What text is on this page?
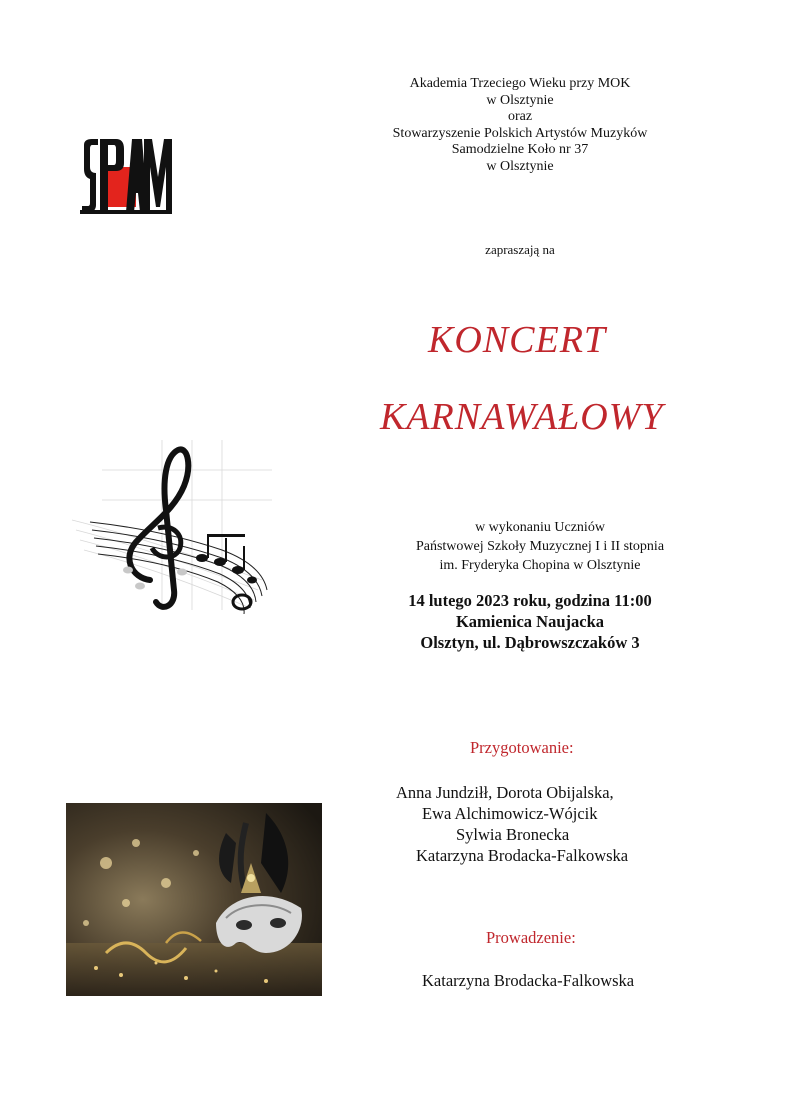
Akademia Trzeciego Wieku przy MOK
w Olsztynie
oraz
Stowarzyszenie Polskich Artystów Muzyków
Samodzielne Koło nr 37
w Olsztynie
zapraszają na
KONCERT
KARNAWAŁOWY
w wykonaniu Uczniów
Państwowej Szkoły Muzycznej I i II stopnia
im. Fryderyka Chopina w Olsztynie
14 lutego 2023 roku, godzina 11:00
Kamienica Naujacka
Olsztyn, ul. Dąbrowszczaków 3
Przygotowanie:
Anna Jundziłł, Dorota Obijalska,
Ewa Alchimowicz-Wójcik
Sylwia Bronecka
Katarzyna Brodacka-Falkowska
Prowadzenie:
Katarzyna Brodacka-Falkowska
